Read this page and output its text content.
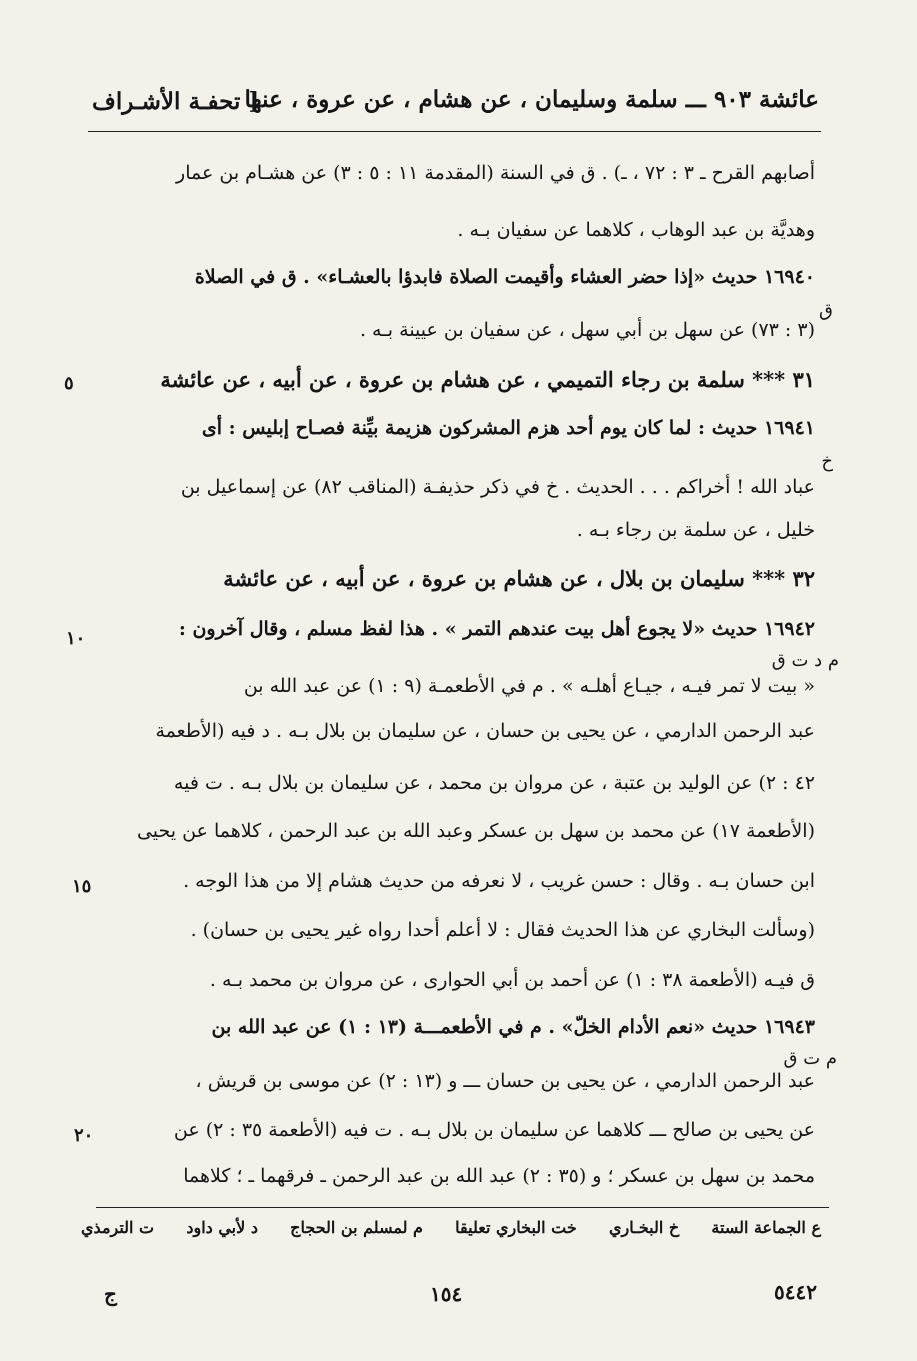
عائشة ٩٠٣ ـــ سلمة وسليمان ، عن هشام ، عن عروة ، عنها
[ تحفـة الأشـراف
أصابهم القرح ـ ٣ : ٧٢ ، ـ) . ق في السنة (المقدمة ١١ : ٥ : ٣) عن هشـام بن عمار
وهديَّة بن عبد الوهاب ، كلاهما عن سفيان بـه .
١٦٩٤٠ حديث «إذا حضر العشاء وأقيمت الصلاة فابدؤا بالعشـاء» . ق في الصلاة
(٣ : ٧٣) عن سهل بن أبي سهل ، عن سفيان بن عيينة بـه .
٣١ *** سلمة بن رجاء التميمي ، عن هشام بن عروة ، عن أبيه ، عن عائشة
١٦٩٤١ حديث : لما كان يوم أحد هزم المشركون هزيمة بيِّنة فصـاح إبليس : أى
عباد الله ! أخراكم . . . الحديث . خ في ذكر حذيفـة (المناقب ٨٢) عن إسماعيل بن
خليل ، عن سلمة بن رجاء بـه .
٣٢ *** سليمان بن بلال ، عن هشام بن عروة ، عن أبيه ، عن عائشة
١٦٩٤٢ حديث «لا يجوع أهل بيت عندهم التمر » . هذا لفظ مسلم ، وقال آخرون :
« بيت لا تمر فيـه ، جيـاع أهلـه » . م في الأطعمـة (٩ : ١) عن عبد الله بن
عبد الرحمن الدارمي ، عن يحيى بن حسان ، عن سليمان بن بلال بـه . د فيه (الأطعمة
٤٢ : ٢) عن الوليد بن عتبة ، عن مروان بن محمد ، عن سليمان بن بلال بـه . ت فيه
(الأطعمة ١٧) عن محمد بن سهل بن عسكر وعبد الله بن عبد الرحمن ، كلاهما عن يحيى
ابن حسان بـه . وقال : حسن غريب ، لا نعرفه من حديث هشام إلا من هذا الوجه .
(وسألت البخاري عن هذا الحديث فقال : لا أعلم أحدا رواه غير يحيى بن حسان) .
ق فيـه (الأطعمة ٣٨ : ١) عن أحمد بن أبي الحوارى ، عن مروان بن محمد بـه .
١٦٩٤٣ حديث «نعم الأدام الخلّ» . م في الأطعمـــة (١٣ : ١) عن عبد الله بن
عبد الرحمن الدارمي ، عن يحيى بن حسان ـــ و (١٣ : ٢) عن موسى بن قريش ،
عن يحيى بن صالح ـــ كلاهما عن سليمان بن بلال بـه . ت فيه (الأطعمة ٣٥ : ٢) عن
محمد بن سهل بن عسكر ؛ و (٣٥ : ٢) عبد الله بن عبد الرحمن ـ فرقهما ـ ؛ كلاهما
ق
خ
م د ت ق
م ت ق
٥
١٠
١٥
٢٠
ع الجماعة الستة
خ البخـاري
خت البخاري تعليقا
م لمسلم بن الحجاج
د لأبي داود
ت الترمذي
٥٤٤٢
١٥٤
ج
